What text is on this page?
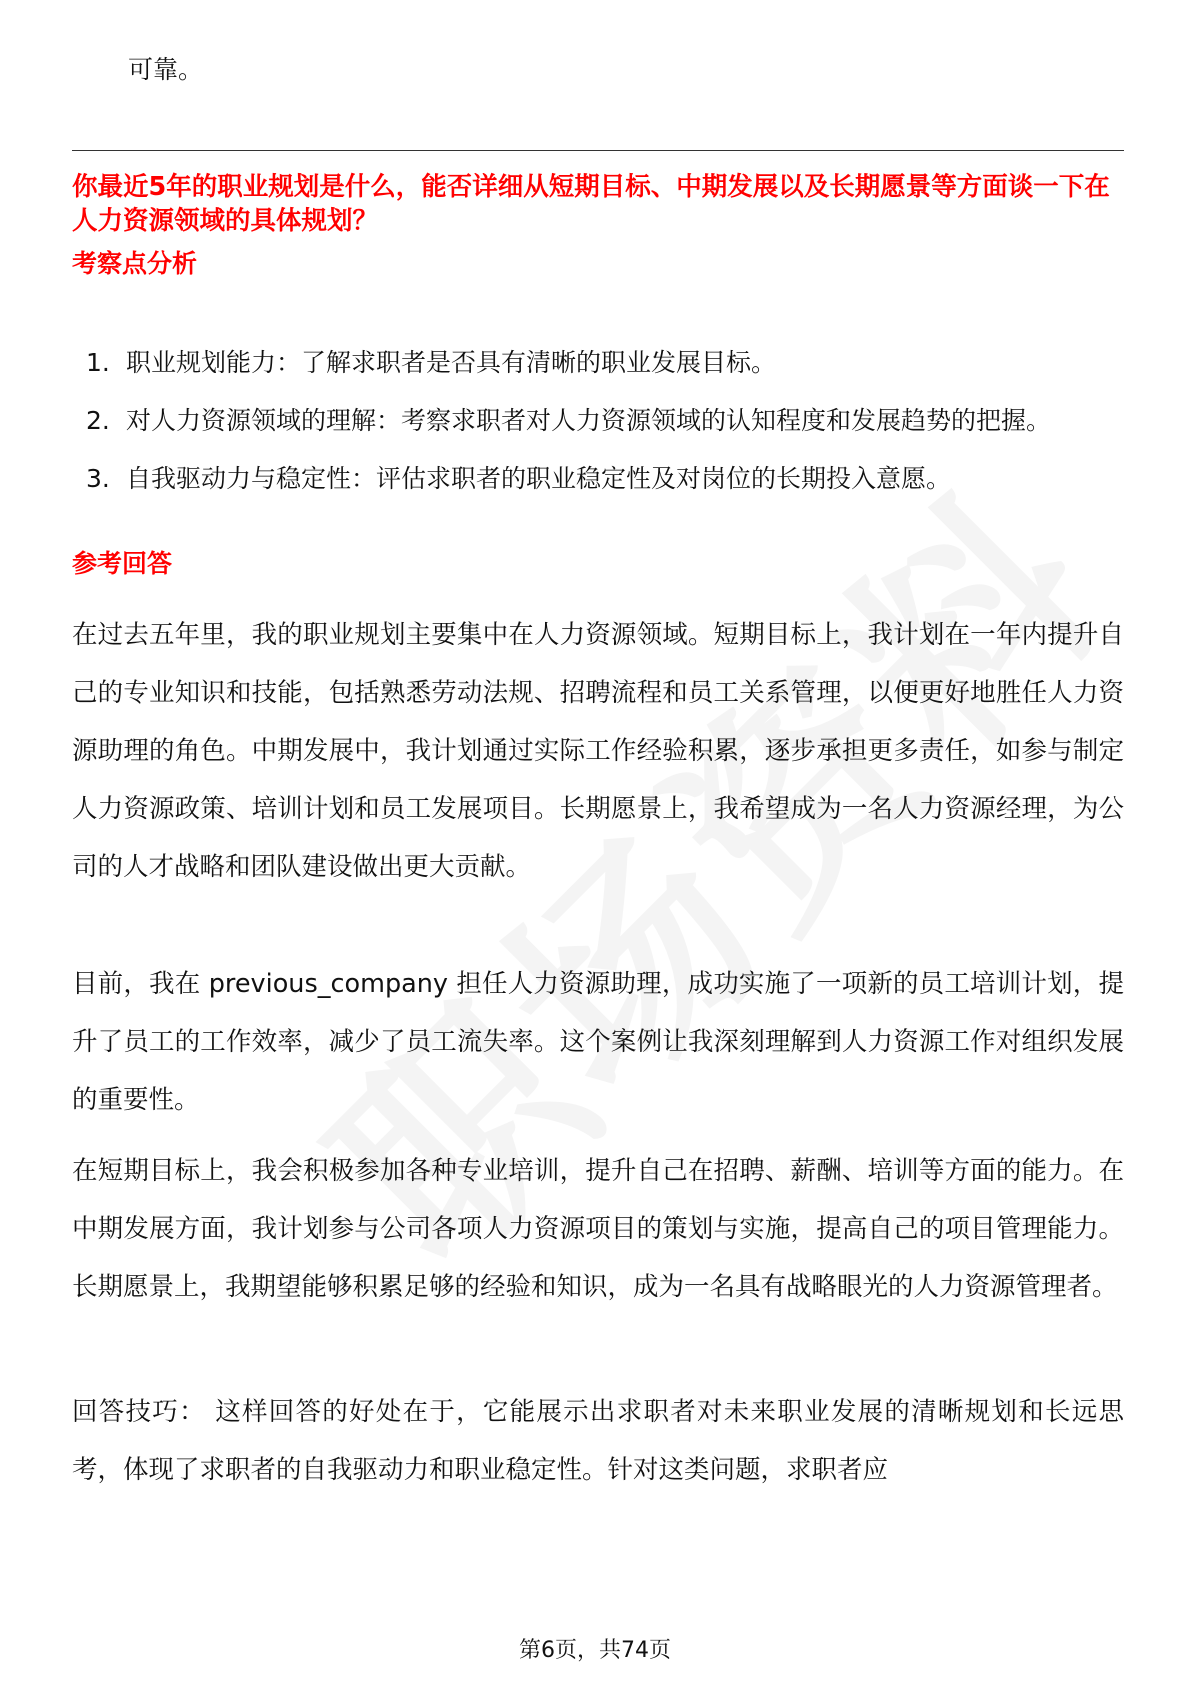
可靠。
你最近5年的职业规划是什么，能否详细从短期目标、中期发展以及长期愿景等方面谈一下在人力资源领域的具体规划？
考察点分析
1. 职业规划能力：了解求职者是否具有清晰的职业发展目标。
2. 对人力资源领域的理解：考察求职者对人力资源领域的认知程度和发展趋势的把握。
3. 自我驱动力与稳定性：评估求职者的职业稳定性及对岗位的长期投入意愿。
参考回答

在过去五年里，我的职业规划主要集中在人力资源领域。短期目标上，我计划在一年内提升自己的专业知识和技能，包括熟悉劳动法规、招聘流程和员工关系管理，以便更好地胜任人力资源助理的角色。中期发展中，我计划通过实际工作经验积累，逐步承担更多责任，如参与制定人力资源政策、培训计划和员工发展项目。长期愿景上，我希望成为一名人力资源经理，为公司的人才战略和团队建设做出更大贡献。

目前，我在 previous_company 担任人力资源助理，成功实施了一项新的员工培训计划，提升了员工的工作效率，减少了员工流失率。这个案例让我深刻理解到人力资源工作对组织发展的重要性。

在短期目标上，我会积极参加各种专业培训，提升自己在招聘、薪酬、培训等方面的能力。在中期发展方面，我计划参与公司各项人力资源项目的策划与实施，提高自己的项目管理能力。长期愿景上，我期望能够积累足够的经验和知识，成为一名具有战略眼光的人力资源管理者。

回答技巧： 这样回答的好处在于，它能展示出求职者对未来职业发展的清晰规划和长远思考，体现了求职者的自我驱动力和职业稳定性。针对这类问题，求职者应

第6页，共74页
